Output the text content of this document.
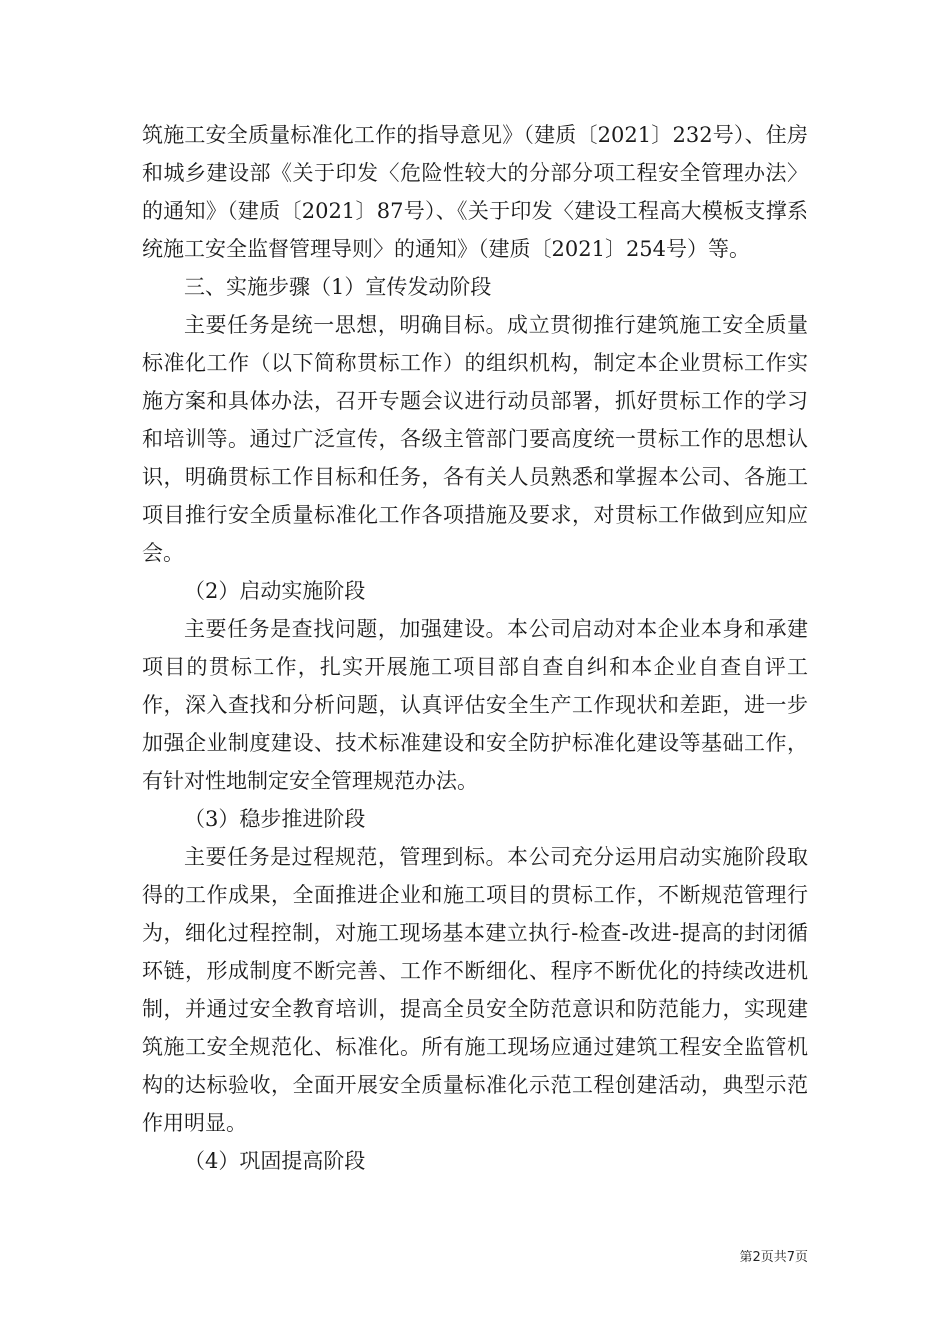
筑施工安全质量标准化工作的指导意见》（建质〔2021〕232号）、住房和城乡建设部《关于印发〈危险性较大的分部分项工程安全管理办法〉的通知》（建质〔2021〕87号）、《关于印发〈建设工程高大模板支撑系统施工安全监督管理导则〉的通知》（建质〔2021〕254号）等。

三、实施步骤（1）宣传发动阶段

主要任务是统一思想，明确目标。成立贯彻推行建筑施工安全质量标准化工作（以下简称贯标工作）的组织机构，制定本企业贯标工作实施方案和具体办法，召开专题会议进行动员部署，抓好贯标工作的学习和培训等。通过广泛宣传，各级主管部门要高度统一贯标工作的思想认识，明确贯标工作目标和任务，各有关人员熟悉和掌握本公司、各施工项目推行安全质量标准化工作各项措施及要求，对贯标工作做到应知应会。

（2）启动实施阶段

主要任务是查找问题，加强建设。本公司启动对本企业本身和承建项目的贯标工作，扎实开展施工项目部自查自纠和本企业自查自评工作，深入查找和分析问题，认真评估安全生产工作现状和差距，进一步加强企业制度建设、技术标准建设和安全防护标准化建设等基础工作，有针对性地制定安全管理规范办法。

（3）稳步推进阶段

主要任务是过程规范，管理到标。本公司充分运用启动实施阶段取得的工作成果，全面推进企业和施工项目的贯标工作，不断规范管理行为，细化过程控制，对施工现场基本建立执行-检查-改进-提高的封闭循环链，形成制度不断完善、工作不断细化、程序不断优化的持续改进机制，并通过安全教育培训，提高全员安全防范意识和防范能力，实现建筑施工安全规范化、标准化。所有施工现场应通过建筑工程安全监管机构的达标验收，全面开展安全质量标准化示范工程创建活动，典型示范作用明显。

（4）巩固提高阶段

第2页共7页
